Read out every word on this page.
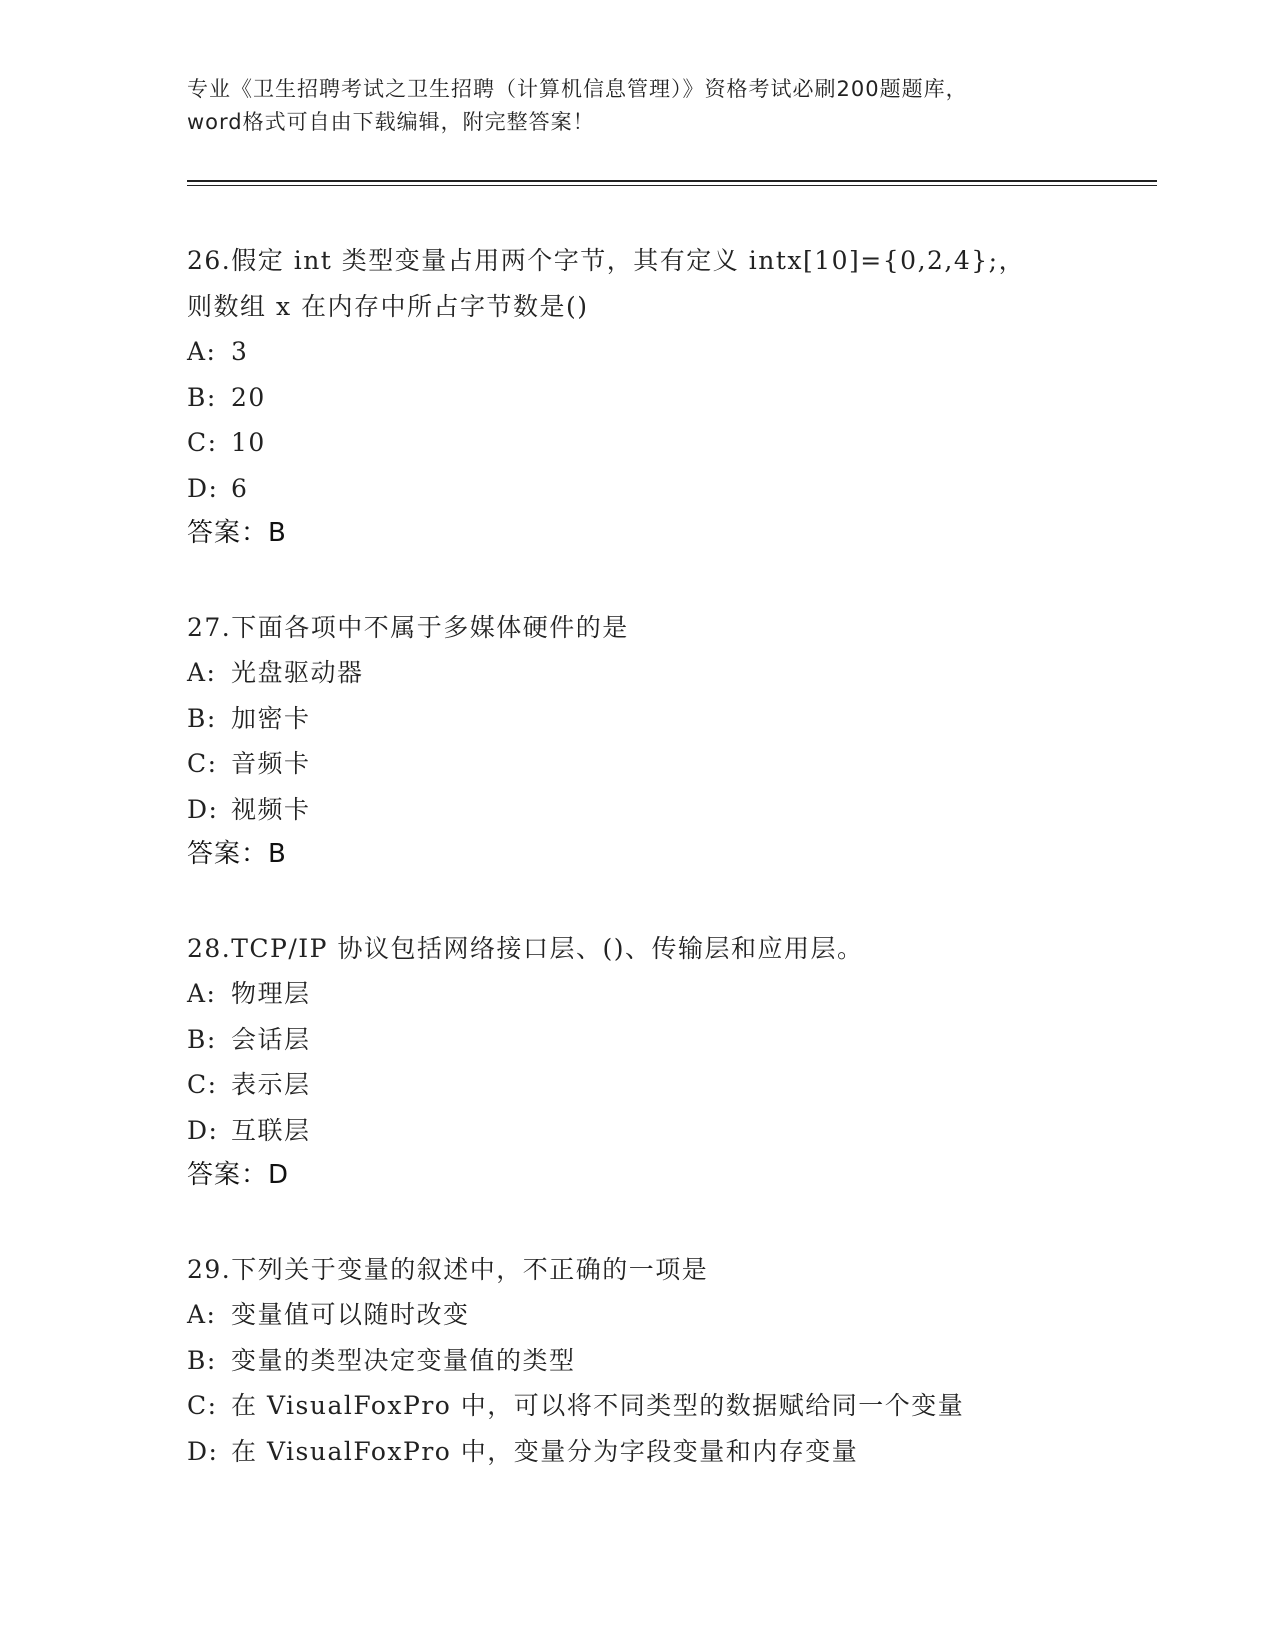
专业《卫生招聘考试之卫生招聘（计算机信息管理）》资格考试必刷200题题库，

word格式可自由下载编辑，附完整答案！

26.假定 int 类型变量占用两个字节，其有定义 intx[10]={0,2,4};，
则数组 x 在内存中所占字节数是()
A: 3
B: 20
C: 10
D: 6
答案：B
27.下面各项中不属于多媒体硬件的是
A: 光盘驱动器
B: 加密卡
C: 音频卡
D: 视频卡
答案：B
28.TCP/IP 协议包括网络接口层、()、传输层和应用层。
A: 物理层
B: 会话层
C: 表示层
D: 互联层
答案：D
29.下列关于变量的叙述中，不正确的一项是
A: 变量值可以随时改变
B: 变量的类型决定变量值的类型
C: 在 VisualFoxPro 中，可以将不同类型的数据赋给同一个变量
D: 在 VisualFoxPro 中，变量分为字段变量和内存变量
